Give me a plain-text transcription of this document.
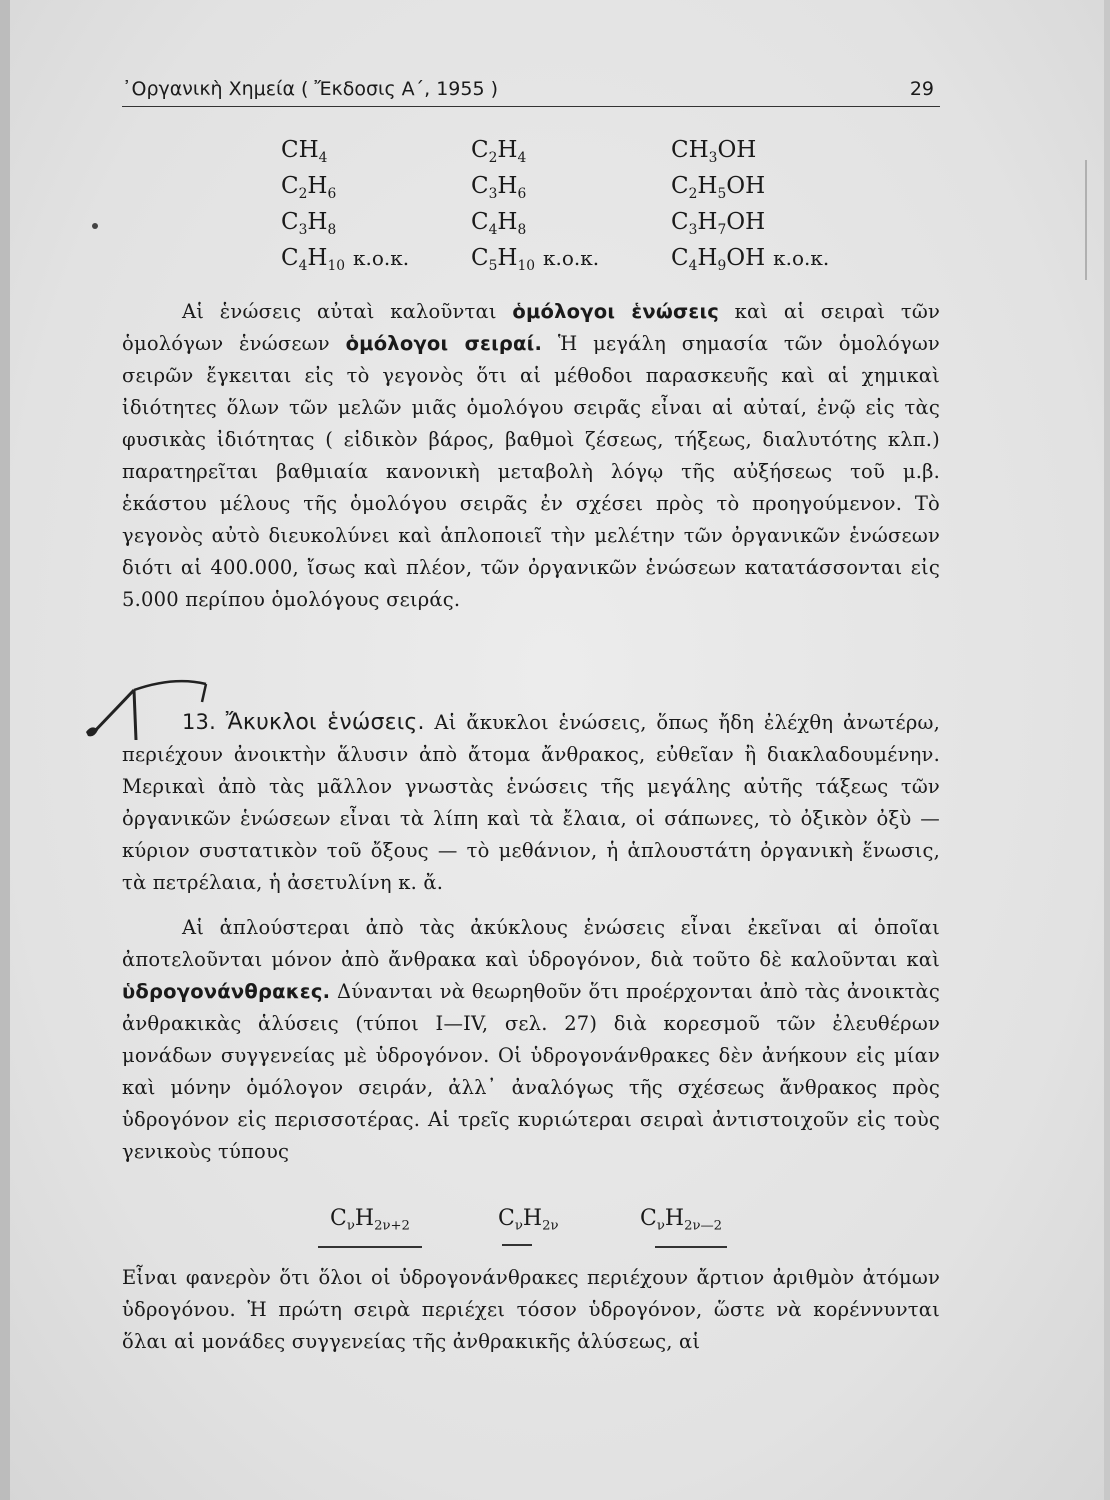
᾿Οργανικὴ Χημεία ( Ἔκδοσις Α΄, 1955 )	29
$CH_4$	$C_2H_4$	$CH_3OH$
$C_2H_6$	$C_3H_6$	$C_2H_5OH$
$C_3H_8$	$C_4H_8$	$C_3H_7OH$
$C_4H_{10}$ κ.ο.κ.	$C_5H_{10}$ κ.ο.κ.	$C_4H_9OH$ κ.ο.κ.
Αἱ ἑνώσεις αὐταὶ καλοῦνται ὁμόλογοι ἑνώσεις καὶ αἱ σειραὶ τῶν ὁμολόγων ἑνώσεων ὁμόλογοι σειραί. Ἡ μεγάλη σημασία τῶν ὁμολόγων σειρῶν ἔγκειται εἰς τὸ γεγονὸς ὅτι αἱ μέθοδοι παρασκευῆς καὶ αἱ χημικαὶ ἰδιότητες ὅλων τῶν μελῶν μιᾶς ὁμολόγου σειρᾶς εἶναι αἱ αὐταί, ἐνῷ εἰς τὰς φυσικὰς ἰδιότητας ( εἰδικὸν βάρος, βαθμοὶ ζέσεως, τήξεως, διαλυτότης κλπ.) παρατηρεῖται βαθμιαία κανονικὴ μεταβολὴ λόγῳ τῆς αὐξήσεως τοῦ μ.β. ἑκάστου μέλους τῆς ὁμολόγου σειρᾶς ἐν σχέσει πρὸς τὸ προηγούμενον. Τὸ γεγονὸς αὐτὸ διευκολύνει καὶ ἁπλοποιεῖ τὴν μελέτην τῶν ὀργανικῶν ἑνώσεων διότι αἱ 400.000, ἴσως καὶ πλέον, τῶν ὀργανικῶν ἑνώσεων κατατάσσονται εἰς 5.000 περίπου ὁμολόγους σειράς.
13. Ἄκυκλοι ἑνώσεις. Αἱ ἄκυκλοι ἑνώσεις, ὅπως ἤδη ἐλέχθη ἀνωτέρω, περιέχουν ἀνοικτὴν ἅλυσιν ἀπὸ ἄτομα ἄνθρακος, εὐθεῖαν ἢ διακλαδουμένην. Μερικαὶ ἀπὸ τὰς μᾶλλον γνωστὰς ἑνώσεις τῆς μεγάλης αὐτῆς τάξεως τῶν ὀργανικῶν ἑνώσεων εἶναι τὰ λίπη καὶ τὰ ἔλαια, οἱ σάπωνες, τὸ ὀξικὸν ὀξὺ — κύριον συστατικὸν τοῦ ὄξους — τὸ μεθάνιον, ἡ ἁπλουστάτη ὀργανικὴ ἕνωσις, τὰ πετρέλαια, ἡ ἀσετυλίνη κ. ἄ.
Αἱ ἁπλούστεραι ἀπὸ τὰς ἀκύκλους ἑνώσεις εἶναι ἐκεῖναι αἱ ὁποῖαι ἀποτελοῦνται μόνον ἀπὸ ἄνθρακα καὶ ὑδρογόνον, διὰ τοῦτο δὲ καλοῦνται καὶ ὑδρογονάνθρακες. Δύνανται νὰ θεωρηθοῦν ὅτι προέρχονται ἀπὸ τὰς ἀνοικτὰς ἀνθρακικὰς ἁλύσεις (τύποι I—IV, σελ. 27) διὰ κορεσμοῦ τῶν ἐλευθέρων μονάδων συγγενείας μὲ ὑδρογόνον. Οἱ ὑδρογονάνθρακες δὲν ἀνήκουν εἰς μίαν καὶ μόνην ὁμόλογον σειράν, ἀλλ᾿ ἀναλόγως τῆς σχέσεως ἄνθρακος πρὸς ὑδρογόνον εἰς περισσοτέρας. Αἱ τρεῖς κυριώτεραι σειραὶ ἀντιστοιχοῦν εἰς τοὺς γενικοὺς τύπους
$C_\nu H_{2\nu+2}$	$C_\nu H_{2\nu}$	$C_\nu H_{2\nu—2}$
Εἶναι φανερὸν ὅτι ὅλοι οἱ ὑδρογονάνθρακες περιέχουν ἄρτιον ἀριθμὸν ἀτόμων ὑδρογόνου. Ἡ πρώτη σειρὰ περιέχει τόσον ὑδρογόνον, ὥστε νὰ κορέννυνται ὅλαι αἱ μονάδες συγγενείας τῆς ἀνθρακικῆς ἁλύσεως, αἱ
